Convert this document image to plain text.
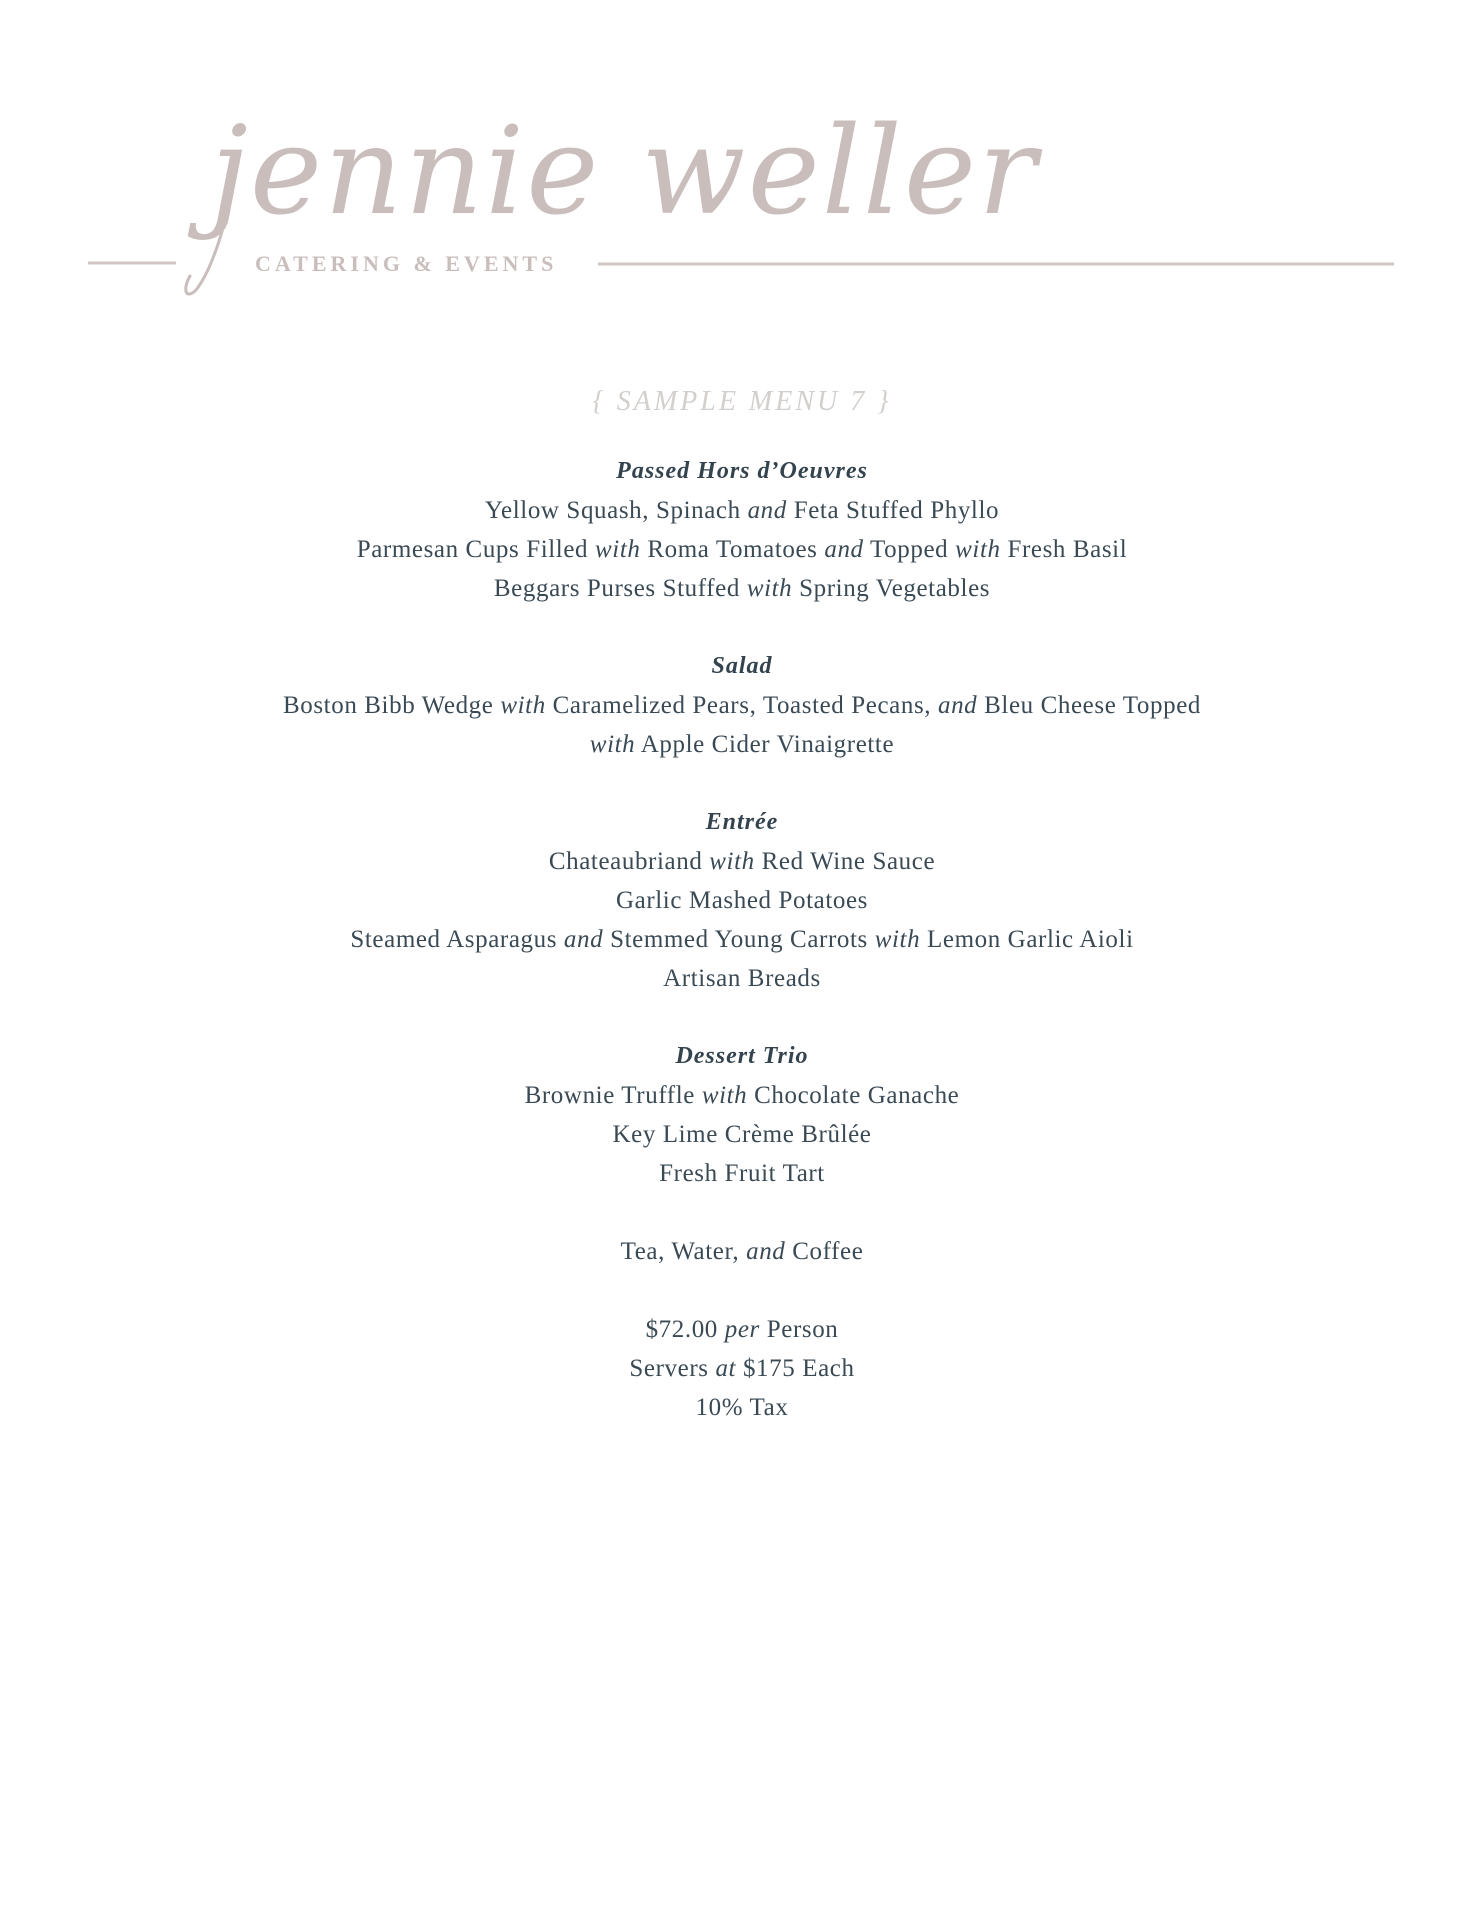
jennie weller
CATERING & EVENTS
{ SAMPLE MENU 7 }
Passed Hors d’Oeuvres
Yellow Squash, Spinach and Feta Stuffed Phyllo
Parmesan Cups Filled with Roma Tomatoes and Topped with Fresh Basil
Beggars Purses Stuffed with Spring Vegetables
Salad
Boston Bibb Wedge with Caramelized Pears, Toasted Pecans, and Bleu Cheese Topped
with Apple Cider Vinaigrette
Entrée
Chateaubriand with Red Wine Sauce
Garlic Mashed Potatoes
Steamed Asparagus and Stemmed Young Carrots with Lemon Garlic Aioli
Artisan Breads
Dessert Trio
Brownie Truffle with Chocolate Ganache
Key Lime Crème Brûlée
Fresh Fruit Tart
Tea, Water, and Coffee
$72.00 per Person
Servers at $175 Each
10% Tax
